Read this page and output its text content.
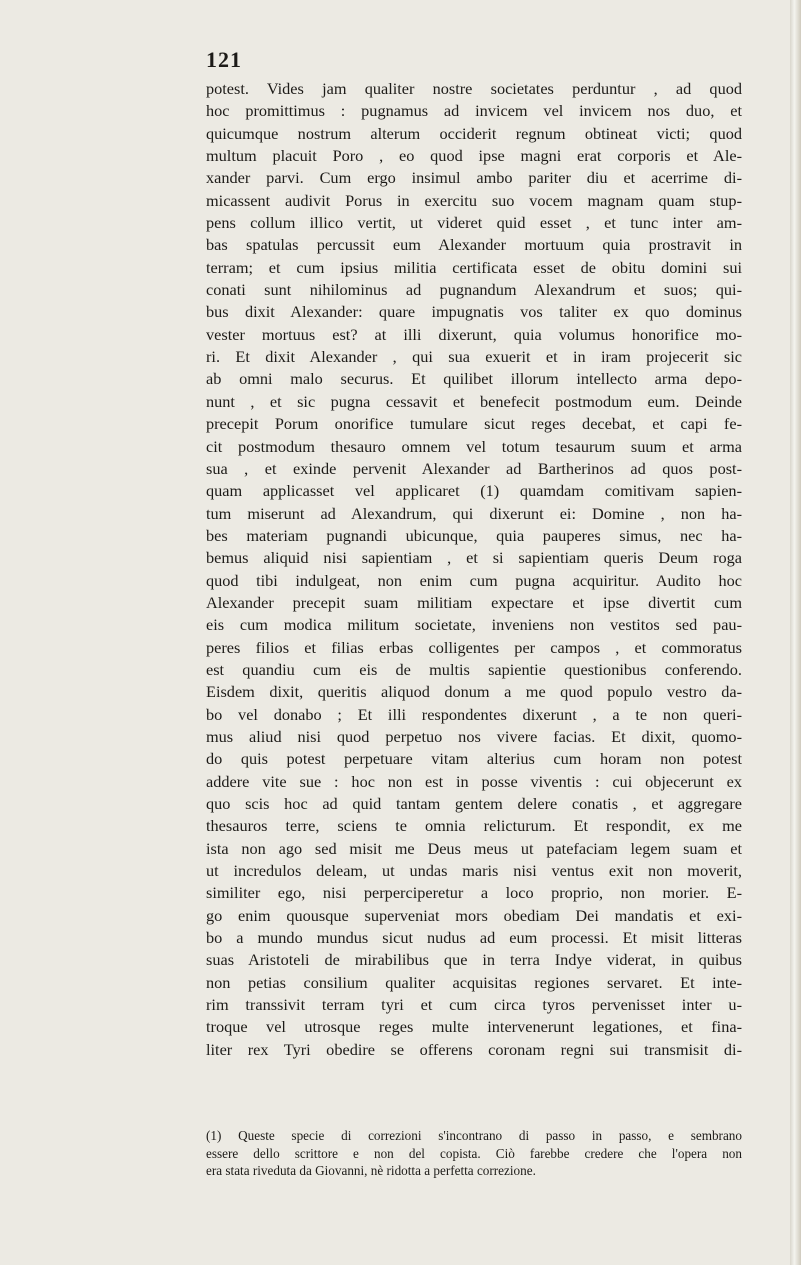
121
potest. Vides jam qualiter nostre societates perduntur , ad quod
hoc promittimus : pugnamus ad invicem vel invicem nos duo, et
quicumque nostrum alterum occiderit regnum obtineat victi; quod
multum placuit Poro , eo quod ipse magni erat corporis et Ale-
xander parvi. Cum ergo insimul ambo pariter diu et acerrime di-
micassent audivit Porus in exercitu suo vocem magnam quam stup-
pens collum illico vertit, ut videret quid esset , et tunc inter am-
bas spatulas percussit eum Alexander mortuum quia prostravit in
terram; et cum ipsius militia certificata esset de obitu domini sui
conati sunt nihilominus ad pugnandum Alexandrum et suos; qui-
bus dixit Alexander: quare impugnatis vos taliter ex quo dominus
vester mortuus est? at illi dixerunt, quia volumus honorifice mo-
ri. Et dixit Alexander , qui sua exuerit et in iram projecerit sic
ab omni malo securus. Et quilibet illorum intellecto arma depo-
nunt , et sic pugna cessavit et benefecit postmodum eum. Deinde
precepit Porum onorifice tumulare sicut reges decebat, et capi fe-
cit postmodum thesauro omnem vel totum tesaurum suum et arma
sua , et exinde pervenit Alexander ad Bartherinos ad quos post-
quam applicasset vel applicaret (1) quamdam comitivam sapien-
tum miserunt ad Alexandrum, qui dixerunt ei: Domine , non ha-
bes materiam pugnandi ubicunque, quia pauperes simus, nec ha-
bemus aliquid nisi sapientiam , et si sapientiam queris Deum roga
quod tibi indulgeat, non enim cum pugna acquiritur. Audito hoc
Alexander precepit suam militiam expectare et ipse divertit cum
eis cum modica militum societate, inveniens non vestitos sed pau-
peres filios et filias erbas colligentes per campos , et commoratus
est quandiu cum eis de multis sapientie questionibus conferendo.
Eisdem dixit, queritis aliquod donum a me quod populo vestro da-
bo vel donabo ; Et illi respondentes dixerunt , a te non queri-
mus aliud nisi quod perpetuo nos vivere facias. Et dixit, quomo-
do quis potest perpetuare vitam alterius cum horam non potest
addere vite sue : hoc non est in posse viventis : cui objecerunt ex
quo scis hoc ad quid tantam gentem delere conatis , et aggregare
thesauros terre, sciens te omnia relicturum. Et respondit, ex me
ista non ago sed misit me Deus meus ut patefaciam legem suam et
ut incredulos deleam, ut undas maris nisi ventus exit non moverit,
similiter ego, nisi perperciperetur a loco proprio, non morier. E-
go enim quousque superveniat mors obediam Dei mandatis et exi-
bo a mundo mundus sicut nudus ad eum processi. Et misit litteras
suas Aristoteli de mirabilibus que in terra Indye viderat, in quibus
non petias consilium qualiter acquisitas regiones servaret. Et inte-
rim transsivit terram tyri et cum circa tyros pervenisset inter u-
troque vel utrosque reges multe intervenerunt legationes, et fina-
liter rex Tyri obedire se offerens coronam regni sui transmisit di-
(1) Queste specie di correzioni s'incontrano di passo in passo, e sembrano
essere dello scrittore e non del copista. Ciò farebbe credere che l'opera non
era stata riveduta da Giovanni, nè ridotta a perfetta correzione.
